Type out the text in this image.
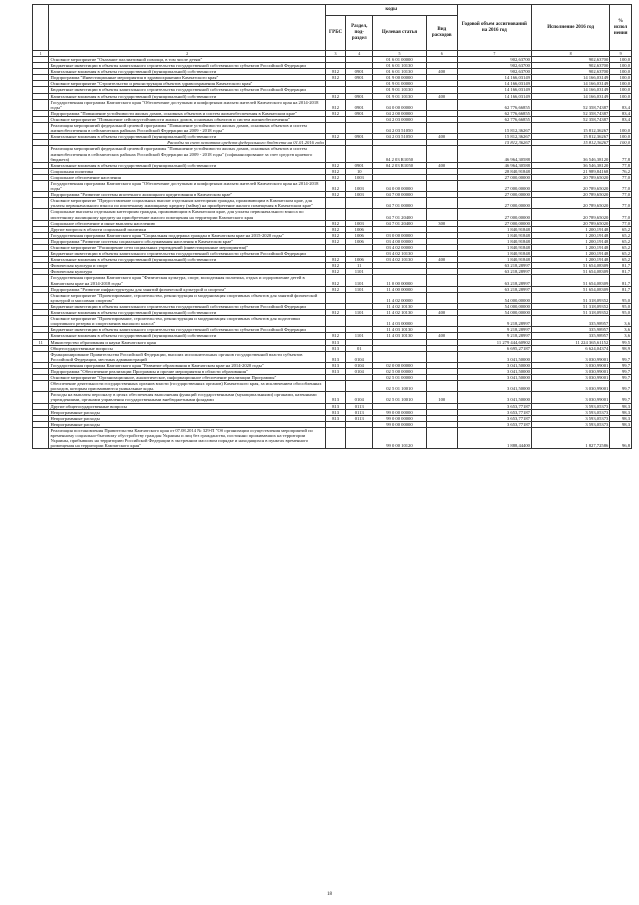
		коды				Годовой объем ассигнований на 2016 год	Исполнение 2016 год	% испол нения
		ГРБС	Раздел, под-раздел	Целевая статья	Вид расходов			
1	2	3	4	5	6	7	8	9
	Основное мероприятие "Оказание паллиативной помощи, в том числе детям"			01 6 01 00000		902,63700	902,63700	100,0
	Бюджетные инвестиции в объекты капитального строительства государственной собственности субъектов Российской Федерации			01 6 01 10130		902,63700	902,63700	100,0
	Капитальные вложения в объекты государственной (муниципальной) собственности	812	0901	01 6 01 10130	400	902,63700	902,63700	100,0
	Подпрограмма "Инвестиционные мероприятия в здравоохранении Камчатского края"	812	0901	01 9 00 00000		14 166,03149	14 166,03149	100,0
	Основное мероприятие "Строительство и реконструкция объектов здравоохранения Камчатского края"			01 9 01 00000		14 166,03149	14 166,03149	100,0
	Бюджетные инвестиции в объекты капитального строительства государственной собственности субъектов Российской Федерации			01 9 01 10130		14 166,03149	14 166,03149	100,0
	Капитальные вложения в объекты государственной (муниципальной) собственности	812	0901	01 9 01 10130	400	14 166,03149	14 166,03149	100,0
	Государственная программа Камчатского края "Обеспечение доступным и комфортным жильем жителей Камчатского края на 2014-2018 годы"	812	0901	04 0 00 00000		62 776,66855	52 358,74387	83,4
	Подпрограмма "Повышение устойчивости жилых домов, основных объектов и систем жизнеобеспечения в Камчатском крае"	812	0901	04 2 00 00000		62 776,66855	52 358,74387	83,4
	Основное мероприятие "Повышение сейсмоустойчивости жилых домов, основных объектов и систем жизнеобеспечения"			04 2 03 00000		62 776,66855	52 358,74387	83,4
	Реализация мероприятий федеральной целевой программы "Повышение устойчивости жилых домов, основных объектов и систем жизнеобеспечения в сейсмических районах Российской Федерации на 2009 - 2018 годы"			04 2 03 51050		15 812,36267	15 812,36267	100,0
	Капитальные вложения в объекты государственной (муниципальной) собственности	812	0901	04 2 03 51050	400	15 812,36267	15 812,36267	100,0
	Расходы за счет остатков средств федерального бюджета на 01.01.2016 года					15 812,36267	15 812,36267	100,0
	Реализация мероприятий федеральной целевой программы "Повышение устойчивости жилых домов, основных объектов и систем жизнеобеспечения в сейсмических районах Российской Федерации на 2009 - 2018 годы" (софинансирование за счет средств краевого бюджета)			04 2 03 R1050		46 964,30588	36 546,38120	77,8
	Капитальные вложения в объекты государственной (муниципальной) собственности	812	0901	04 2 03 R1050	400	46 964,30588	36 546,38120	77,8
	Социальная политика	812	10			28 840,91848	21 989,84168	76,2
	Социальное обеспечение населения	812	1003			27 000,00000	20 789,65020	77,0
	Государственная программа Камчатского края "Обеспечение доступным и комфортным жильем жителей Камчатского края на 2014-2018 годы"	812	1003	04 0 00 00000		27 000,00000	20 789,65020	77,0
	Подпрограмма "Развитие системы ипотечного жилищного кредитования в Камчатском крае"	812	1003	04 7 00 00000		27 000,00000	20 789,65020	77,0
	Основное мероприятие "Предоставление социальных выплат отдельным категориям граждан, проживающим в Камчатском крае, для уплаты первоначального взноса по ипотечному жилищному кредиту (займу) на приобретение жилого помещения в Камчатском крае"			04 7 01 00000		27 000,00000	20 789,65020	77,0
	Социальные выплаты отдельным категориям граждан, проживающим в Камчатском крае, для уплаты первоначального взноса по ипотечному жилищному кредиту на приобретение жилого помещения на территории Камчатского края			04 7 01 20400		27 000,00000	20 789,65020	77,0
	Социальное обеспечение и иные выплаты населению	812	1003	04 7 01 20400	300	27 000,00000	20 789,65020	77,0
	Другие вопросы в области социальной политики	812	1006			1 840,91848	1 200,19148	65,2
	Государственная программа Камчатского края "Социальная поддержка граждан в Камчатском крае на 2015-2020 годы"	812	1006	03 0 00 00000		1 840,91848	1 200,19148	65,2
	Подпрограмма "Развитие системы социального обслуживания населения в Камчатском крае"	812	1006	03 4 00 00000		1 840,91848	1 200,19148	65,2
	Основное мероприятие "Расширение сети социальных учреждений (инвестиционные мероприятия)"			03 4 02 00000		1 840,91848	1 200,19148	65,2
	Бюджетные инвестиции в объекты капитального строительства государственной собственности субъектов Российской Федерации			03 4 02 10130		1 840,91848	1 200,19148	65,2
	Капитальные вложения в объекты государственной (муниципальной) собственности	812	1006	03 4 02 10130	400	1 840,91848	1 200,19148	65,2
	Физическая культура и спорт	812	11			63 218,28997	51 654,08309	81,7
	Физическая культура	812	1101			63 218,28997	51 654,08309	81,7
	Государственная программа Камчатского края "Физическая культура, спорт, молодежная политика, отдых и оздоровление детей в Камчатском крае на 2014-2018 годы"	812	1101	11 0 00 00000		63 218,28997	51 654,08309	81,7
	Подпрограмма "Развитие инфраструктуры для занятий физической культурой и спортом"	812	1101	11 4 00 00000		63 218,28997	51 654,08309	81,7
	Основное мероприятие "Проектирование, строительство, реконструкция и модернизация спортивных объектов для занятий физической культурой и массовым спортом"			11 4 02 00000		54 000,00000	51 318,09352	95,0
	Бюджетные инвестиции в объекты капитального строительства государственной собственности субъектов Российской Федерации			11 4 02 10130		54 000,00000	51 318,09352	95,0
	Капитальные вложения в объекты государственной (муниципальной) собственности	812	1101	11 4 02 10130	400	54 000,00000	51 318,09352	95,0
	Основное мероприятие "Проектирование, строительство, реконструкция и модернизация спортивных объектов для подготовки спортивного резерва и спортсменов высокого класса"			11 4 03 00000		9 218,28997	335,98957	3,6
	Бюджетные инвестиции в объекты капитального строительства государственной собственности субъектов Российской Федерации			11 4 03 10130		9 218,28997	335,98957	3,6
	Капитальные вложения в объекты государственной (муниципальной) собственности	812	1101	11 4 03 10130	400	9 218,28997	335,98957	3,6
11	Министерство образования и науки Камчатского края	813				11 279 444,60902	11 224 365,61152	99,5
	Общегосударственные вопросы	813	01			6 695,27187	6 624,04374	98,9
	Функционирование Правительства Российской Федерации, высших исполнительных органов государственной власти субъектов Российской Федерации, местных администраций	813	0104			3 041,50000	3 030,99001	99,7
	Государственная программа Камчатского края "Развитие образования в Камчатском крае на 2014-2020 годы"	813	0104	02 0 00 00000		3 041,50000	3 030,99001	99,7
	Подпрограмма "Обеспечение реализации Программы и прочие мероприятия в области образования"	813	0104	02 5 00 00000		3 041,50000	3 030,99001	99,7
	Основное мероприятие "Организационное, аналитическое, информационное обеспечение реализации Программы"			02 5 01 00000		3 041,50000	3 030,99001	99,7
	Обеспечение деятельности государственных органов власти (государственных органов) Камчатского края, за исключением обособленных расходов, которым присваиваются уникальные коды.			02 5 01 10010		3 041,50000	3 030,99001	99,7
	Расходы на выплаты персоналу в целях обеспечения выполнения функций государственными (муниципальными) органами, казенными учреждениями, органами управления государственными внебюджетными фондами	813	0104	02 5 01 10010	100	3 041,50000	3 030,99001	99,7
	Другие общегосударственные вопросы	813	0113			3 653,77187	3 593,05373	98,3
	Непрограммные расходы	813	0113	99 0 00 00000		3 653,77187	3 593,05373	98,3
	Непрограммные расходы	813	0113	99 0 00 00000		3 653,77187	3 593,05373	98,3
	Непрограммные расходы			99 0 00 00000		3 653,77187	3 593,05373	98,3
	Реализация постановления Правительства Камчатского края от 07.08.2014 № 329-П "Об организации осуществления мероприятий по временному социально-бытовому обустройству граждан Украины и лиц без гражданства, постоянно проживавших на территории Украины, прибывших на территорию Российской Федерации в экстренном массовом порядке и находящихся в пунктах временного размещения на территории Камчатского края"			99 0 00 10120		1 888,44400	1 827,72586	96,8
18
